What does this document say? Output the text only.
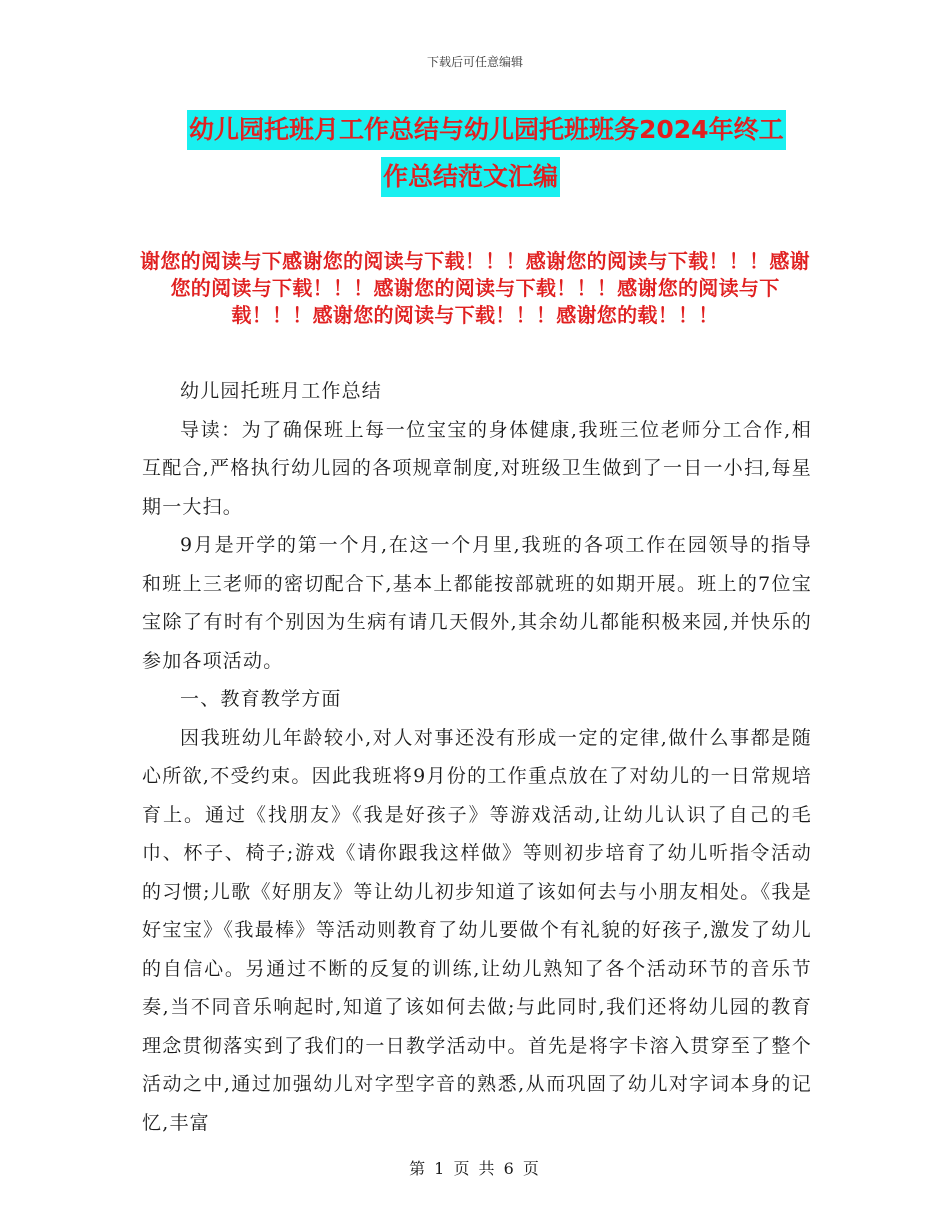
下载后可任意编辑
幼儿园托班月工作总结与幼儿园托班班务2024年终工
作总结范文汇编
谢您的阅读与下感谢您的阅读与下载！！！感谢您的阅读与下载！！！感谢您的阅读与下载！！！感谢您的阅读与下载！！！感谢您的阅读与下载！！！感谢您的阅读与下载！！！感谢您的载！！！

幼儿园托班月工作总结

导读：为了确保班上每一位宝宝的身体健康,我班三位老师分工合作,相互配合,严格执行幼儿园的各项规章制度,对班级卫生做到了一日一小扫,每星期一大扫。

9月是开学的第一个月,在这一个月里,我班的各项工作在园领导的指导和班上三老师的密切配合下,基本上都能按部就班的如期开展。班上的7位宝宝除了有时有个别因为生病有请几天假外,其余幼儿都能积极来园,并快乐的参加各项活动。

一、教育教学方面

因我班幼儿年龄较小,对人对事还没有形成一定的定律,做什么事都是随心所欲,不受约束。因此我班将9月份的工作重点放在了对幼儿的一日常规培育上。通过《找朋友》《我是好孩子》等游戏活动,让幼儿认识了自己的毛巾、杯子、椅子;游戏《请你跟我这样做》等则初步培育了幼儿听指令活动的习惯;儿歌《好朋友》等让幼儿初步知道了该如何去与小朋友相处。《我是好宝宝》《我最棒》等活动则教育了幼儿要做个有礼貌的好孩子,激发了幼儿的自信心。另通过不断的反复的训练,让幼儿熟知了各个活动环节的音乐节奏,当不同音乐响起时,知道了该如何去做;与此同时,我们还将幼儿园的教育理念贯彻落实到了我们的一日教学活动中。首先是将字卡溶入贯穿至了整个活动之中,通过加强幼儿对字型字音的熟悉,从而巩固了幼儿对字词本身的记忆,丰富

第 1 页 共 6 页
